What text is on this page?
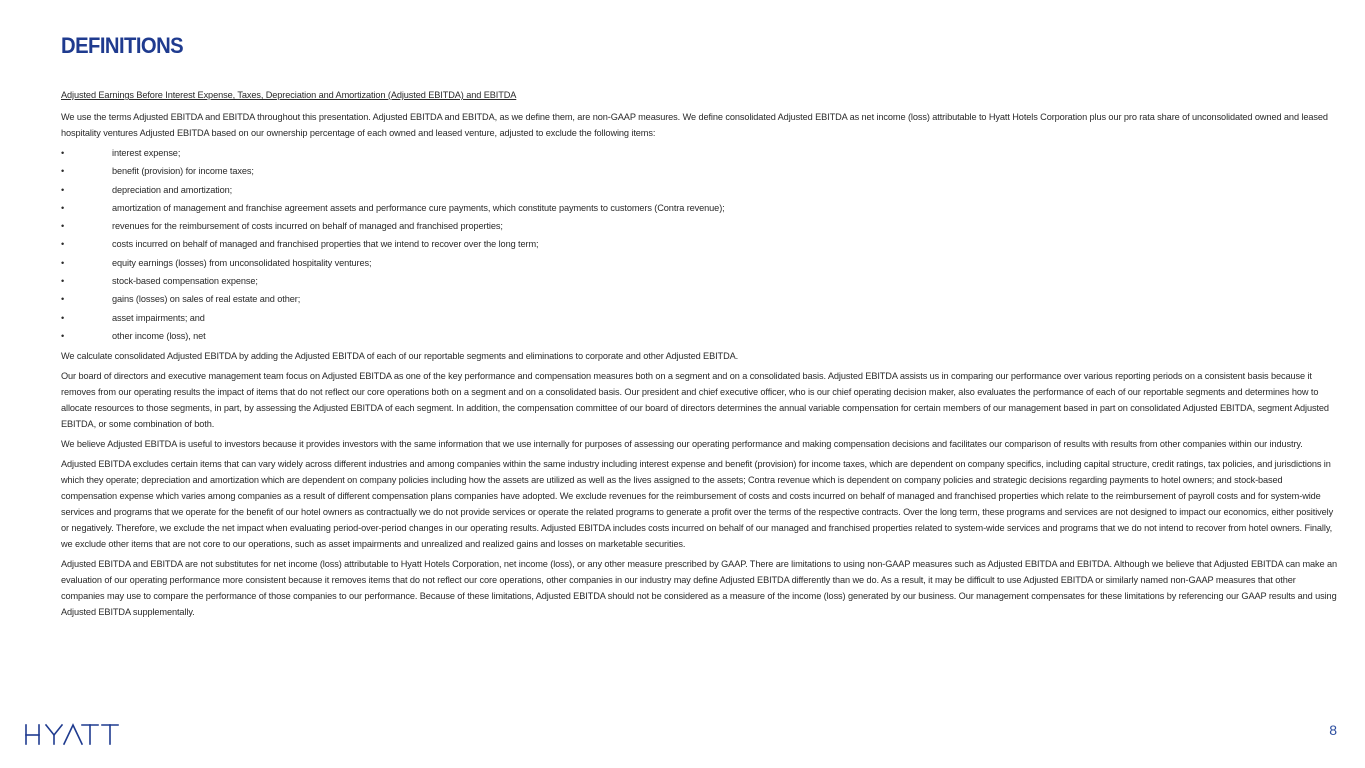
DEFINITIONS

Adjusted Earnings Before Interest Expense, Taxes, Depreciation and Amortization (Adjusted EBITDA) and EBITDA

We use the terms Adjusted EBITDA and EBITDA throughout this presentation. Adjusted EBITDA and EBITDA, as we define them, are non-GAAP measures. We define consolidated Adjusted EBITDA as net income (loss) attributable to Hyatt Hotels Corporation plus our pro rata share of unconsolidated owned and leased hospitality ventures Adjusted EBITDA based on our ownership percentage of each owned and leased venture, adjusted to exclude the following items:

•	interest expense;
•	benefit (provision) for income taxes;
•	depreciation and amortization;
•	amortization of management and franchise agreement assets and performance cure payments, which constitute payments to customers (Contra revenue);
•	revenues for the reimbursement of costs incurred on behalf of managed and franchised properties;
•	costs incurred on behalf of managed and franchised properties that we intend to recover over the long term;
•	equity earnings (losses) from unconsolidated hospitality ventures;
•	stock-based compensation expense;
•	gains (losses) on sales of real estate and other;
•	asset impairments; and
•	other income (loss), net

We calculate consolidated Adjusted EBITDA by adding the Adjusted EBITDA of each of our reportable segments and eliminations to corporate and other Adjusted EBITDA.

Our board of directors and executive management team focus on Adjusted EBITDA as one of the key performance and compensation measures both on a segment and on a consolidated basis. Adjusted EBITDA assists us in comparing our performance over various reporting periods on a consistent basis because it removes from our operating results the impact of items that do not reflect our core operations both on a segment and on a consolidated basis. Our president and chief executive officer, who is our chief operating decision maker, also evaluates the performance of each of our reportable segments and determines how to allocate resources to those segments, in part, by assessing the Adjusted EBITDA of each segment. In addition, the compensation committee of our board of directors determines the annual variable compensation for certain members of our management based in part on consolidated Adjusted EBITDA, segment Adjusted EBITDA, or some combination of both.

We believe Adjusted EBITDA is useful to investors because it provides investors with the same information that we use internally for purposes of assessing our operating performance and making compensation decisions and facilitates our comparison of results with results from other companies within our industry.

Adjusted EBITDA excludes certain items that can vary widely across different industries and among companies within the same industry including interest expense and benefit (provision) for income taxes, which are dependent on company specifics, including capital structure, credit ratings, tax policies, and jurisdictions in which they operate; depreciation and amortization which are dependent on company policies including how the assets are utilized as well as the lives assigned to the assets; Contra revenue which is dependent on company policies and strategic decisions regarding payments to hotel owners; and stock-based compensation expense which varies among companies as a result of different compensation plans companies have adopted. We exclude revenues for the reimbursement of costs and costs incurred on behalf of managed and franchised properties which relate to the reimbursement of payroll costs and for system-wide services and programs that we operate for the benefit of our hotel owners as contractually we do not provide services or operate the related programs to generate a profit over the terms of the respective contracts. Over the long term, these programs and services are not designed to impact our economics, either positively or negatively. Therefore, we exclude the net impact when evaluating period-over-period changes in our operating results. Adjusted EBITDA includes costs incurred on behalf of our managed and franchised properties related to system-wide services and programs that we do not intend to recover from hotel owners. Finally, we exclude other items that are not core to our operations, such as asset impairments and unrealized and realized gains and losses on marketable securities.

Adjusted EBITDA and EBITDA are not substitutes for net income (loss) attributable to Hyatt Hotels Corporation, net income (loss), or any other measure prescribed by GAAP. There are limitations to using non-GAAP measures such as Adjusted EBITDA and EBITDA. Although we believe that Adjusted EBITDA can make an evaluation of our operating performance more consistent because it removes items that do not reflect our core operations, other companies in our industry may define Adjusted EBITDA differently than we do. As a result, it may be difficult to use Adjusted EBITDA or similarly named non-GAAP measures that other companies may use to compare the performance of those companies to our performance. Because of these limitations, Adjusted EBITDA should not be considered as a measure of the income (loss) generated by our business. Our management compensates for these limitations by referencing our GAAP results and using Adjusted EBITDA supplementally.

8
